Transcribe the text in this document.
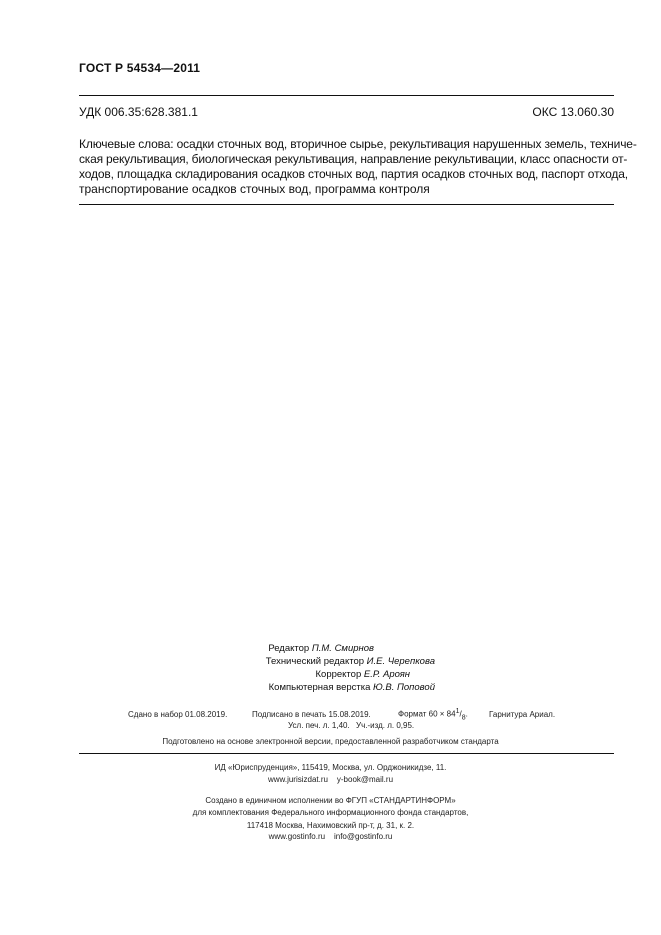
ГОСТ Р 54534—2011
УДК 006.35:628.381.1	ОКС 13.060.30
Ключевые слова: осадки сточных вод, вторичное сырье, рекультивация нарушенных земель, техниче-
ская рекультивация, биологическая рекультивация, направление рекультивации, класс опасности от-
ходов, площадка складирования осадков сточных вод, партия осадков сточных вод, паспорт отхода,
транспортирование осадков сточных вод, программа контроля
Редактор П.М. Смирнов
Технический редактор И.Е. Черепкова
Корректор Е.Р. Ароян
Компьютерная верстка Ю.В. Поповой
Сдано в набор 01.08.2019.	Подписано в печать 15.08.2019.	Формат $60 \times 84^1/_8$.	Гарнитура Ариал.
Усл. печ. л. 1,40. Уч.-изд. л. 0,95.
Подготовлено на основе электронной версии, предоставленной разработчиком стандарта
ИД «Юриспруденция», 115419, Москва, ул. Орджоникидзе, 11.
www.jurisizdat.ru y-book@mail.ru
Создано в единичном исполнении во ФГУП «СТАНДАРТИНФОРМ»
для комплектования Федерального информационного фонда стандартов,
117418 Москва, Нахимовский пр-т, д. 31, к. 2.
www.gostinfo.ru info@gostinfo.ru
